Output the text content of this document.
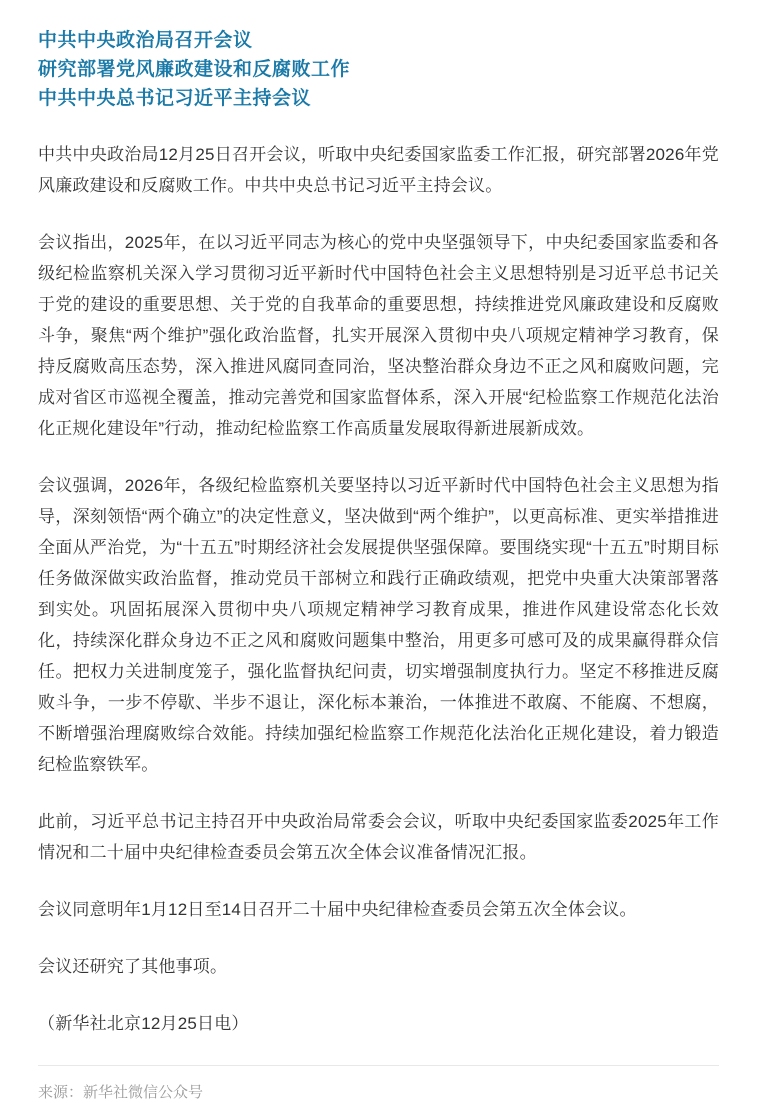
中共中央政治局召开会议
研究部署党风廉政建设和反腐败工作
中共中央总书记习近平主持会议

中共中央政治局12月25日召开会议，听取中央纪委国家监委工作汇报，研究部署2026年党风廉政建设和反腐败工作。中共中央总书记习近平主持会议。

会议指出，2025年，在以习近平同志为核心的党中央坚强领导下，中央纪委国家监委和各级纪检监察机关深入学习贯彻习近平新时代中国特色社会主义思想特别是习近平总书记关于党的建设的重要思想、关于党的自我革命的重要思想，持续推进党风廉政建设和反腐败斗争，聚焦“两个维护”强化政治监督，扎实开展深入贯彻中央八项规定精神学习教育，保持反腐败高压态势，深入推进风腐同查同治，坚决整治群众身边不正之风和腐败问题，完成对省区市巡视全覆盖，推动完善党和国家监督体系，深入开展“纪检监察工作规范化法治化正规化建设年”行动，推动纪检监察工作高质量发展取得新进展新成效。

会议强调，2026年，各级纪检监察机关要坚持以习近平新时代中国特色社会主义思想为指导，深刻领悟“两个确立”的决定性意义，坚决做到“两个维护”，以更高标准、更实举措推进全面从严治党，为“十五五”时期经济社会发展提供坚强保障。要围绕实现“十五五”时期目标任务做深做实政治监督，推动党员干部树立和践行正确政绩观，把党中央重大决策部署落到实处。巩固拓展深入贯彻中央八项规定精神学习教育成果，推进作风建设常态化长效化，持续深化群众身边不正之风和腐败问题集中整治，用更多可感可及的成果赢得群众信任。把权力关进制度笼子，强化监督执纪问责，切实增强制度执行力。坚定不移推进反腐败斗争，一步不停歇、半步不退让，深化标本兼治，一体推进不敢腐、不能腐、不想腐，不断增强治理腐败综合效能。持续加强纪检监察工作规范化法治化正规化建设，着力锻造纪检监察铁军。

此前，习近平总书记主持召开中央政治局常委会会议，听取中央纪委国家监委2025年工作情况和二十届中央纪律检查委员会第五次全体会议准备情况汇报。

会议同意明年1月12日至14日召开二十届中央纪律检查委员会第五次全体会议。

会议还研究了其他事项。

（新华社北京12月25日电）

来源：新华社微信公众号
